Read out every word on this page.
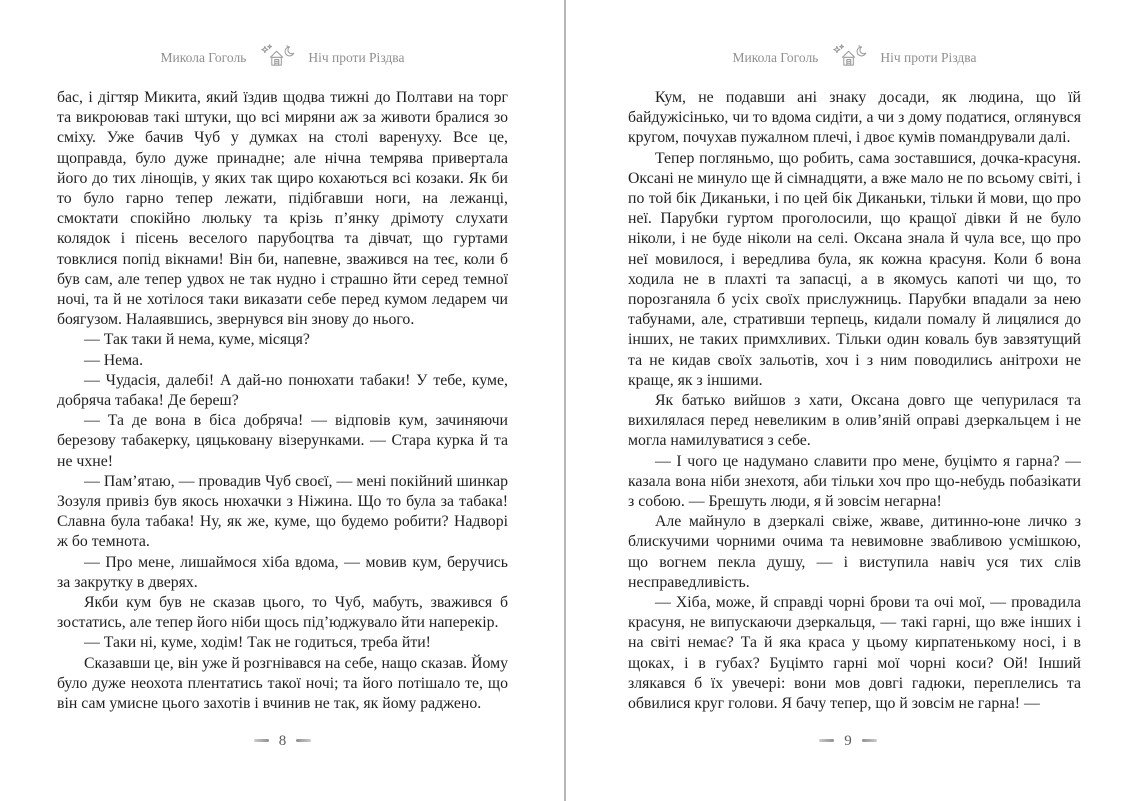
Микола Гоголь	Ніч проти Різдва

бас, і дігтяр Микита, який їздив щодва тижні до Полтави на торг та викроював такі штуки, що всі миряни аж за животи бралися зо сміху. Уже бачив Чуб у думках на столі варенуху. Все це, щоправда, було дуже принадне; але нічна темрява привертала його до тих лінощів, у яких так щиро кохаються всі козаки. Як би то було гарно тепер лежати, підібгавши ноги, на лежанці, смоктати спокійно люльку та крізь п’янку дрімоту слухати колядок і пісень веселого парубоцтва та дівчат, що гуртами товклися попід вікнами! Він би, напевне, зважився на теє, коли б був сам, але тепер удвох не так нудно і страшно йти серед темної ночі, та й не хотілося таки виказати себе перед кумом ледарем чи боягузом. Налаявшись, звернувся він знову до нього.

— Так таки й нема, куме, місяця?

— Нема.

— Чудасія, далебі! А дай-но понюхати табаки! У тебе, куме, добряча табака! Де береш?

— Та де вона в біса добряча! — відповів кум, зачиняючи березову табакерку, цяцьковану візерунками. — Стара курка й та не чхне!

— Пам’ятаю, — провадив Чуб своєї, — мені покійний шинкар Зозуля привіз був якось нюхачки з Ніжина. Що то була за табака! Славна була табака! Ну, як же, куме, що будемо робити? Надворі ж бо темнота.

— Про мене, лишаймося хіба вдома, — мовив кум, беручись за закрутку в дверях.

Якби кум був не сказав цього, то Чуб, мабуть, зважився б зостатись, але тепер його ніби щось під’юджувало йти наперекір.

— Таки ні, куме, ходім! Так не годиться, треба йти!

Сказавши це, він уже й розгнівався на себе, нащо сказав. Йому було дуже неохота плентатись такої ночі; та його потішало те, що він сам умисне цього захотів і вчинив не так, як йому раджено.

8
Микола Гоголь	Ніч проти Різдва

Кум, не подавши ані знаку досади, як людина, що їй байдужісінько, чи то вдома сидіти, а чи з дому податися, оглянувся кругом, почухав пужалном плечі, і двоє кумів помандрували далі.

Тепер погляньмо, що робить, сама зоставшися, дочка-красуня. Оксані не минуло ще й сімнадцяти, а вже мало не по всьому світі, і по той бік Диканьки, і по цей бік Диканьки, тільки й мови, що про неї. Парубки гуртом проголосили, що кращої дівки й не було ніколи, і не буде ніколи на селі. Оксана знала й чула все, що про неї мовилося, і вередлива була, як кожна красуня. Коли б вона ходила не в плахті та запасці, а в якомусь капоті чи що, то порозганяла б усіх своїх прислужниць. Парубки впадали за нею табунами, але, стративши терпець, кидали помалу й лицялися до інших, не таких примхливих. Тільки один коваль був завзятущий та не кидав своїх зальотів, хоч і з ним поводились анітрохи не краще, як з іншими.

Як батько вийшов з хати, Оксана довго ще чепурилася та вихилялася перед невеликим в олив’яній оправі дзеркальцем і не могла намилуватися з себе.

— І чого це надумано славити про мене, буцімто я гарна? — казала вона ніби знехотя, аби тільки хоч про що-небудь побазікати з собою. — Брешуть люди, я й зовсім негарна!

Але майнуло в дзеркалі свіже, жваве, дитинно-юне личко з блискучими чорними очима та невимовне звабливою усмішкою, що вогнем пекла душу, — і виступила навіч уся тих слів несправедливість.

— Хіба, може, й справді чорні брови та очі мої, — провадила красуня, не випускаючи дзеркальця, — такі гарні, що вже інших і на світі немає? Та й яка краса у цьому кирпатенькому носі, і в щоках, і в губах? Буцімто гарні мої чорні коси? Ой! Інший злякався б їх увечері: вони мов довгі гадюки, переплелись та обвилися круг голови. Я бачу тепер, що й зовсім не гарна! —

9
